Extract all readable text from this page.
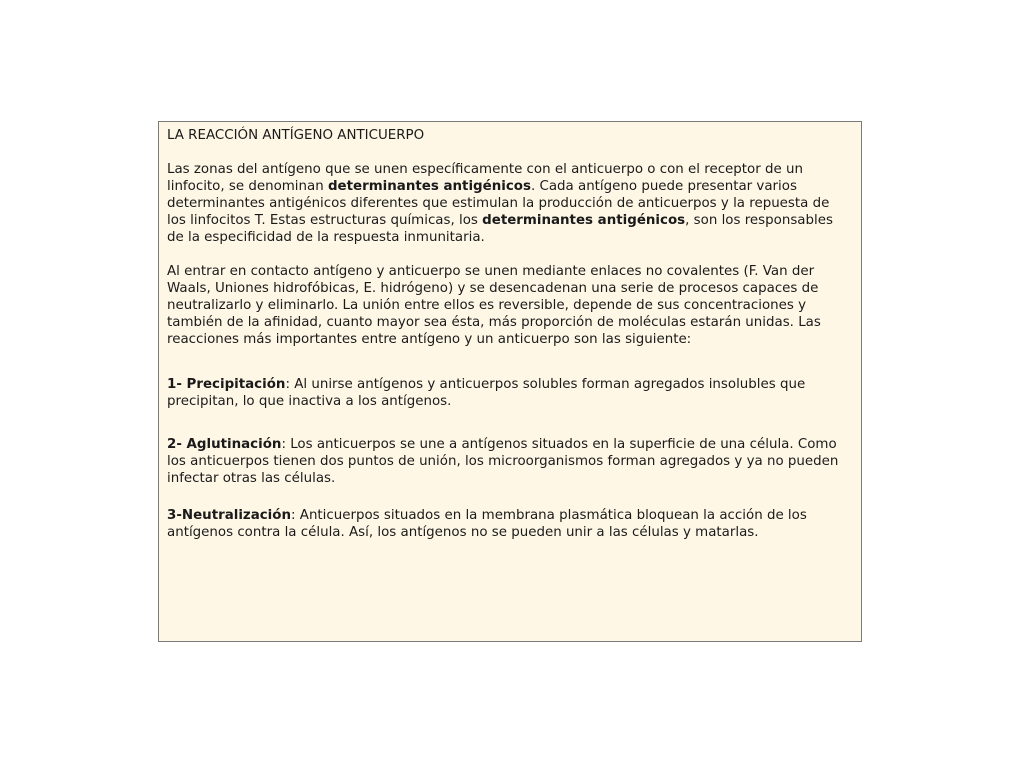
LA REACCIÓN ANTÍGENO ANTICUERPO

Las zonas del antígeno que se unen específicamente con el anticuerpo o con el receptor de un linfocito, se denominan determinantes antigénicos. Cada antígeno puede presentar varios determinantes antigénicos diferentes que estimulan la producción de anticuerpos y la repuesta de los linfocitos T. Estas estructuras químicas, los determinantes antigénicos, son los responsables de la especificidad de la respuesta inmunitaria.

Al entrar en contacto antígeno y anticuerpo se unen mediante enlaces no covalentes (F. Van der Waals, Uniones hidrofóbicas, E. hidrógeno) y se desencadenan una serie de procesos capaces de neutralizarlo y eliminarlo. La unión entre ellos es reversible, depende de sus concentraciones y también de la afinidad, cuanto mayor sea ésta, más proporción de moléculas estarán unidas. Las reacciones más importantes entre antígeno y un anticuerpo son las siguiente:

1- Precipitación: Al unirse antígenos y anticuerpos solubles forman agregados insolubles que precipitan, lo que inactiva a los antígenos.

2- Aglutinación: Los anticuerpos se une a antígenos situados en la superficie de una célula. Como los anticuerpos tienen dos puntos de unión, los microorganismos forman agregados y ya no pueden infectar otras las células.

3-Neutralización: Anticuerpos situados en la membrana plasmática bloquean la acción de los antígenos contra la célula. Así, los antígenos no se pueden unir a las células y matarlas.
